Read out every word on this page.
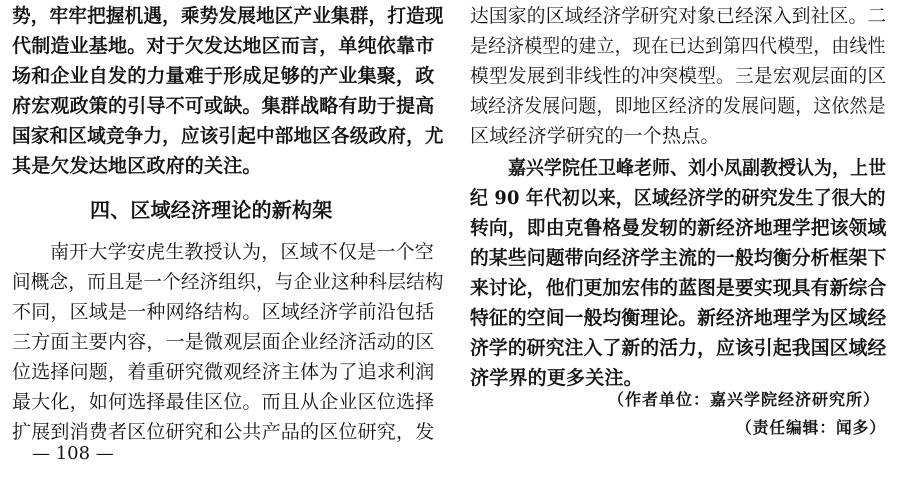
势，牢牢把握机遇，乘势发展地区产业集群，打造现
代制造业基地。对于欠发达地区而言，单纯依靠市
场和企业自发的力量难于形成足够的产业集聚，政
府宏观政策的引导不可或缺。集群战略有助于提高
国家和区域竞争力，应该引起中部地区各级政府，尤
其是欠发达地区政府的关注。
四、区域经济理论的新构架
南开大学安虎生教授认为，区域不仅是一个空
间概念，而且是一个经济组织，与企业这种科层结构
不同，区域是一种网络结构。区域经济学前沿包括
三方面主要内容，一是微观层面企业经济活动的区
位选择问题，着重研究微观经济主体为了追求利润
最大化，如何选择最佳区位。而且从企业区位选择
扩展到消费者区位研究和公共产品的区位研究，发
达国家的区域经济学研究对象已经深入到社区。二
是经济模型的建立，现在已达到第四代模型，由线性
模型发展到非线性的冲突模型。三是宏观层面的区
域经济发展问题，即地区经济的发展问题，这依然是
区域经济学研究的一个热点。
嘉兴学院任卫峰老师、刘小凤副教授认为，上世
纪 90 年代初以来，区域经济学的研究发生了很大的
转向，即由克鲁格曼发轫的新经济地理学把该领域
的某些问题带向经济学主流的一般均衡分析框架下
来讨论，他们更加宏伟的蓝图是要实现具有新综合
特征的空间一般均衡理论。新经济地理学为区域经
济学的研究注入了新的活力，应该引起我国区域经
济学界的更多关注。
（作者单位：嘉兴学院经济研究所）
（责任编辑：闻多）
— 108 —
